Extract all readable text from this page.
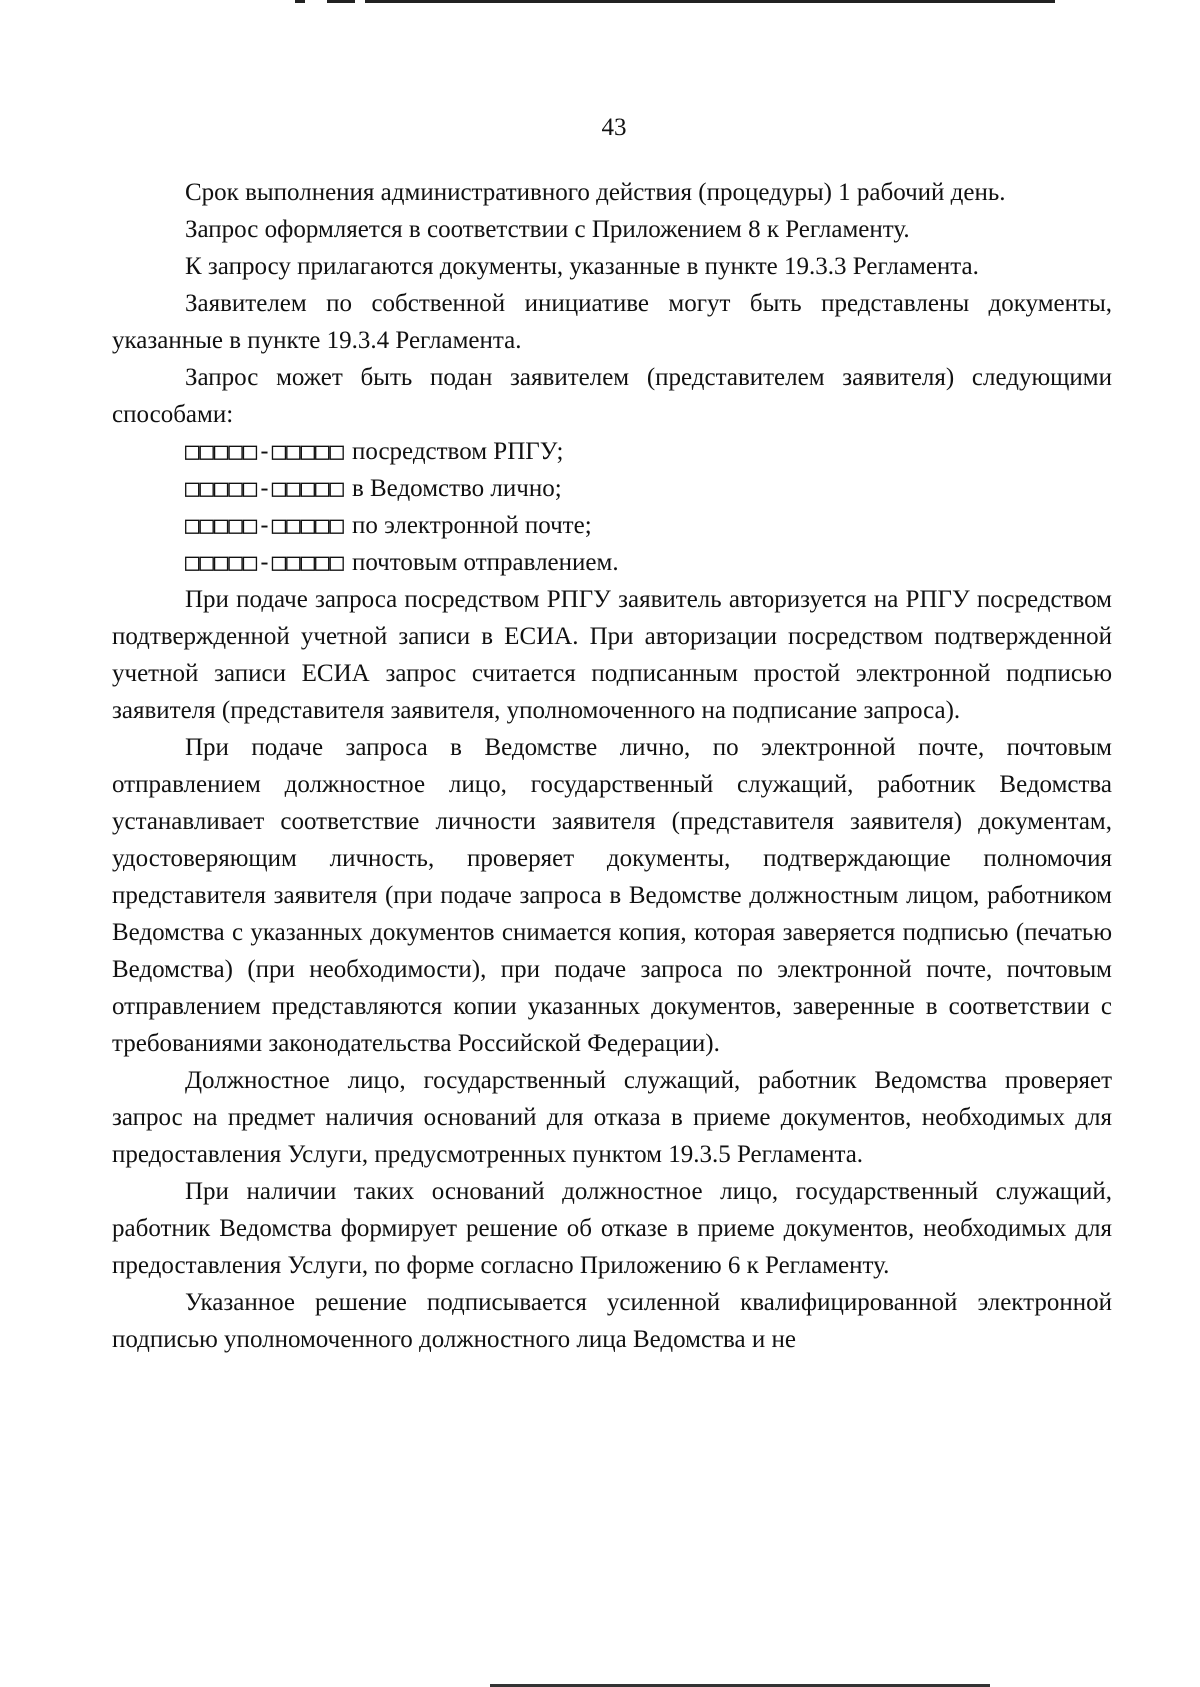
43

Срок выполнения административного действия (процедуры) 1 рабочий день.

Запрос оформляется в соответствии с Приложением 8 к Регламенту.

К запросу прилагаются документы, указанные в пункте 19.3.3 Регламента.

Заявителем по собственной инициативе могут быть представлены документы, указанные в пункте 19.3.4 Регламента.

Запрос может быть подан заявителем (представителем заявителя) следующими способами:

□□□□□-□□□□□ посредством РПГУ;

□□□□□-□□□□□ в Ведомство лично;

□□□□□-□□□□□ по электронной почте;

□□□□□-□□□□□ почтовым отправлением.

При подаче запроса посредством РПГУ заявитель авторизуется на РПГУ посредством подтвержденной учетной записи в ЕСИА. При авторизации посредством подтвержденной учетной записи ЕСИА запрос считается подписанным простой электронной подписью заявителя (представителя заявителя, уполномоченного на подписание запроса).

При подаче запроса в Ведомстве лично, по электронной почте, почтовым отправлением должностное лицо, государственный служащий, работник Ведомства устанавливает соответствие личности заявителя (представителя заявителя) документам, удостоверяющим личность, проверяет документы, подтверждающие полномочия представителя заявителя (при подаче запроса в Ведомстве должностным лицом, работником Ведомства с указанных документов снимается копия, которая заверяется подписью (печатью Ведомства) (при необходимости), при подаче запроса по электронной почте, почтовым отправлением представляются копии указанных документов, заверенные в соответствии с требованиями законодательства Российской Федерации).

Должностное лицо, государственный служащий, работник Ведомства проверяет запрос на предмет наличия оснований для отказа в приеме документов, необходимых для предоставления Услуги, предусмотренных пунктом 19.3.5 Регламента.

При наличии таких оснований должностное лицо, государственный служащий, работник Ведомства формирует решение об отказе в приеме документов, необходимых для предоставления Услуги, по форме согласно Приложению 6 к Регламенту.

Указанное решение подписывается усиленной квалифицированной электронной подписью уполномоченного должностного лица Ведомства и не
